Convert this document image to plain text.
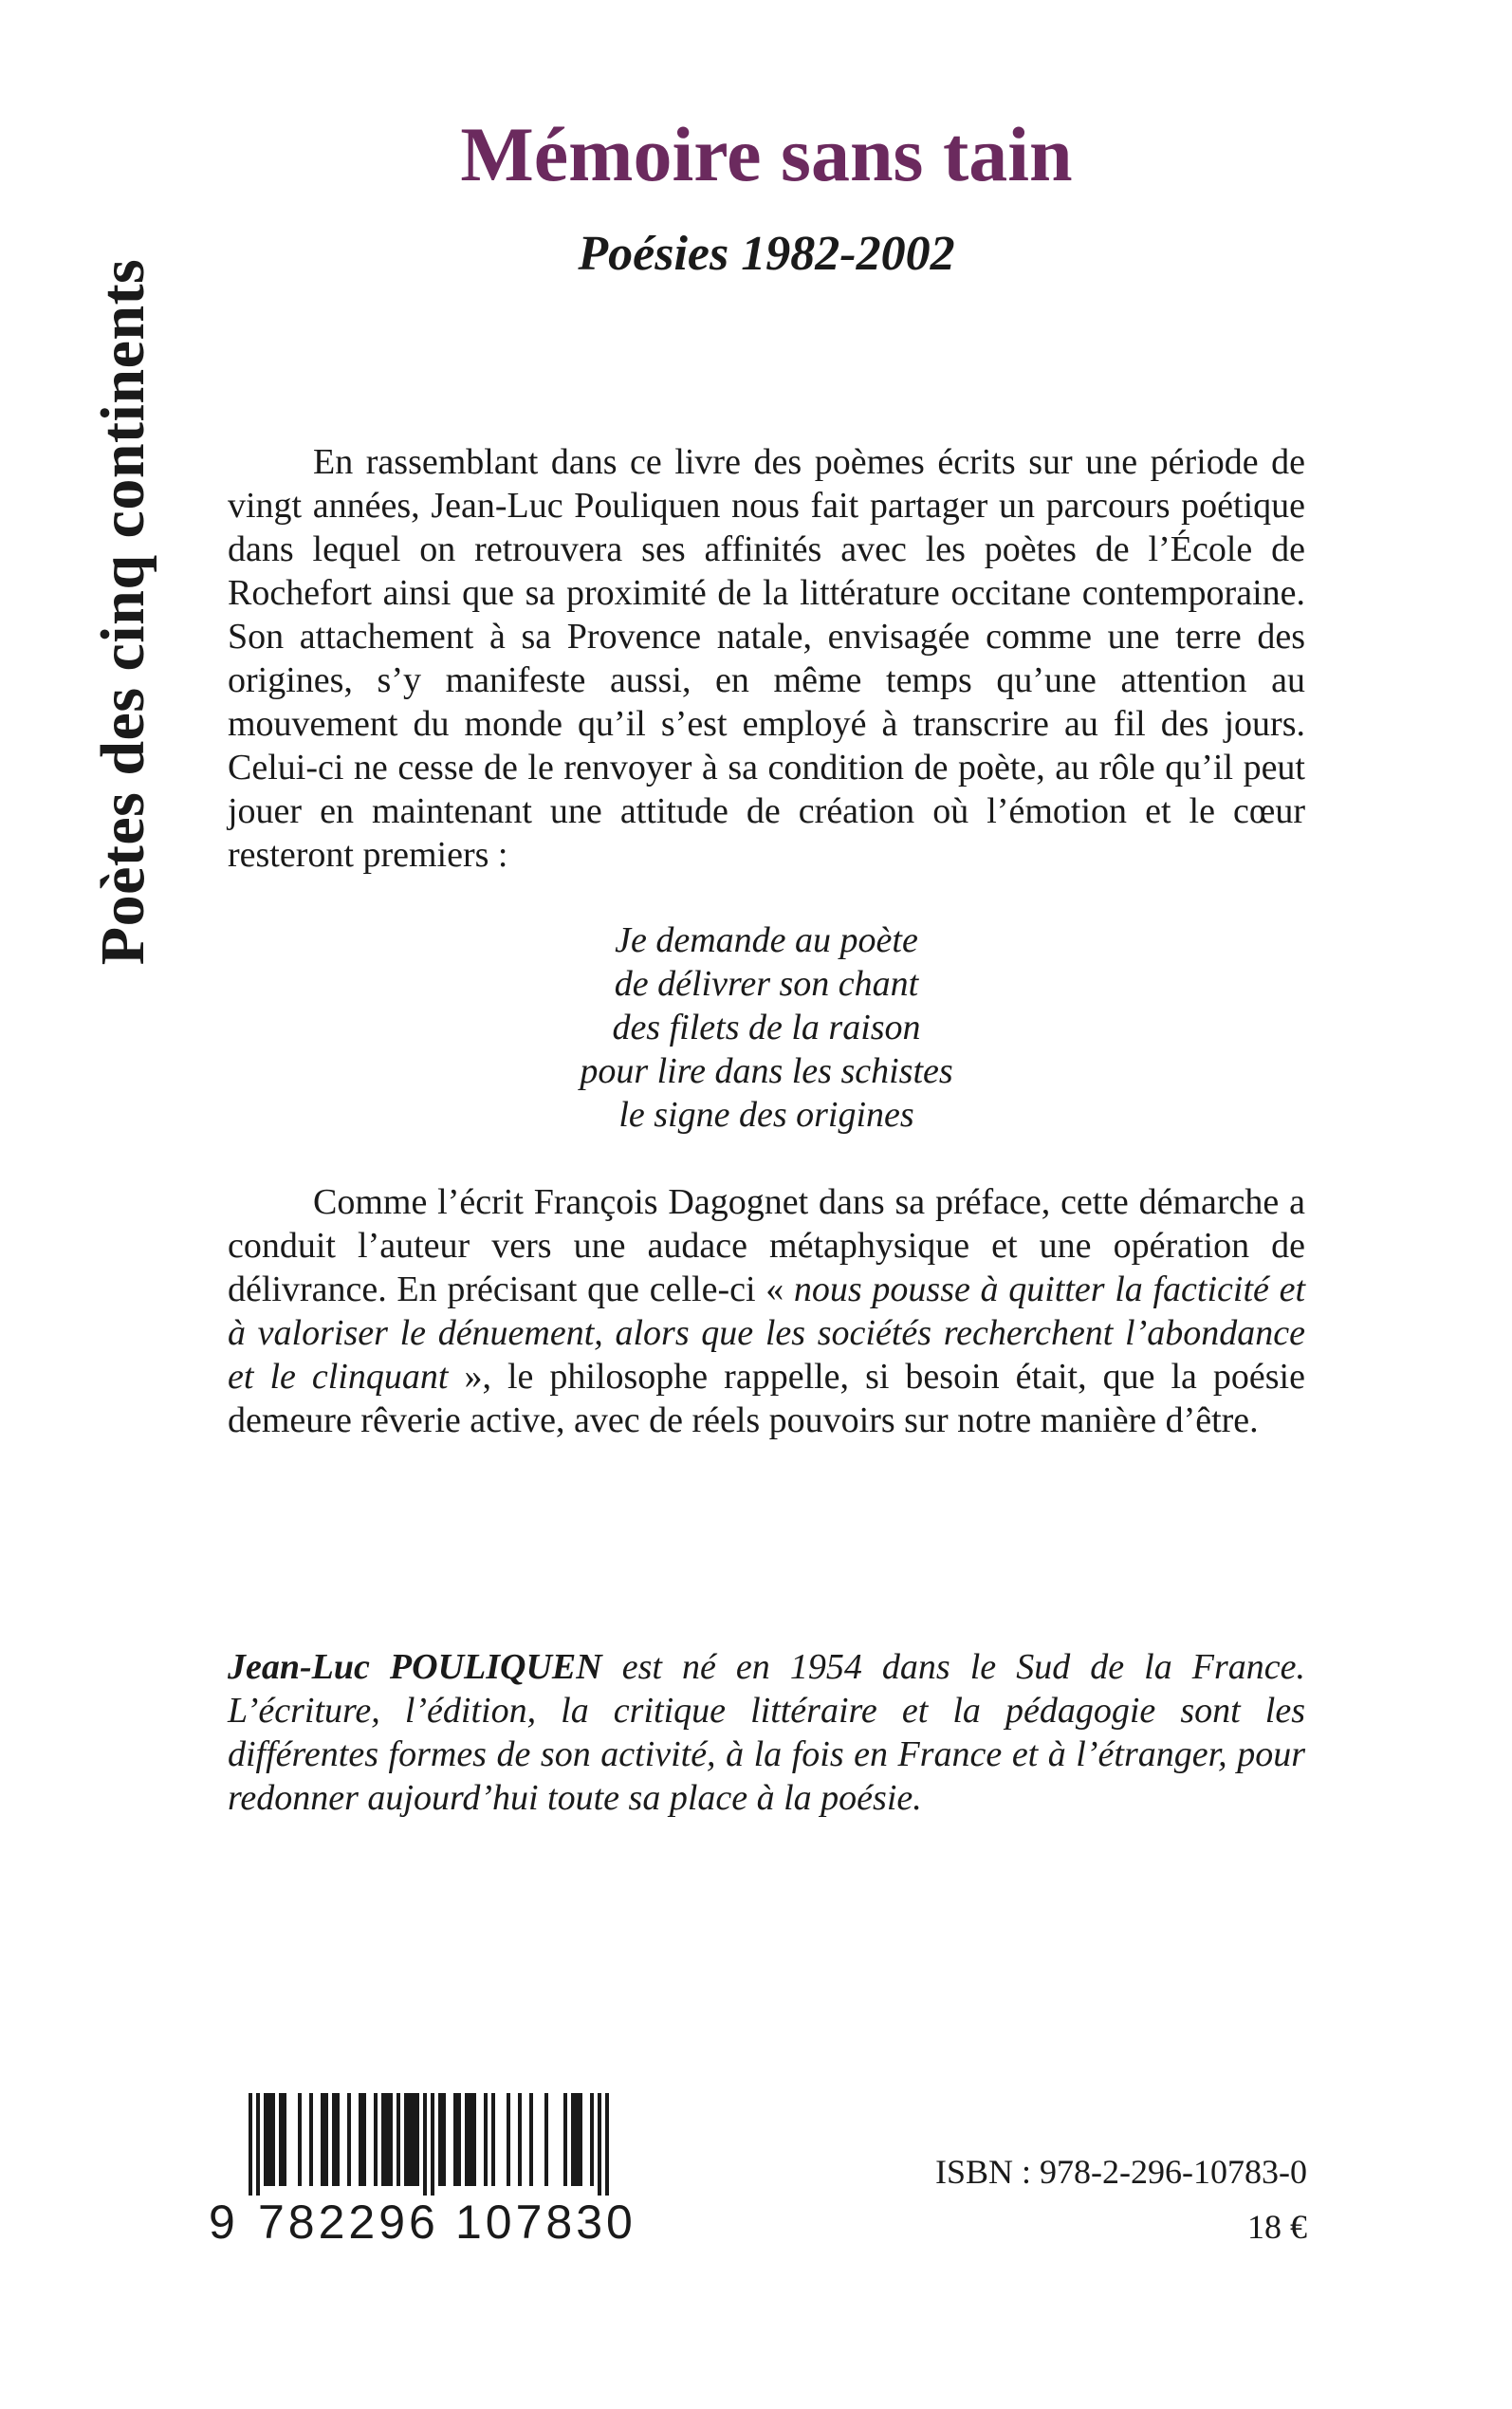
Poètes des cinq continents
Mémoire sans tain
Poésies 1982-2002

En rassemblant dans ce livre des poèmes écrits sur une période de vingt années, Jean-Luc Pouliquen nous fait partager un parcours poétique dans lequel on retrouvera ses affinités avec les poètes de l’École de Rochefort ainsi que sa proximité de la littérature occitane contemporaine. Son attachement à sa Provence natale, envisagée comme une terre des origines, s’y manifeste aussi, en même temps qu’une attention au mouvement du monde qu’il s’est employé à transcrire au fil des jours. Celui-ci ne cesse de le renvoyer à sa condition de poète, au rôle qu’il peut jouer en maintenant une attitude de création où l’émotion et le cœur resteront premiers :

Je demande au poète
de délivrer son chant
des filets de la raison
pour lire dans les schistes
le signe des origines

Comme l’écrit François Dagognet dans sa préface, cette démarche a conduit l’auteur vers une audace métaphysique et une opération de délivrance. En précisant que celle-ci « nous pousse à quitter la facticité et à valoriser le dénuement, alors que les sociétés recherchent l’abondance et le clinquant », le philosophe rappelle, si besoin était, que la poésie demeure rêverie active, avec de réels pouvoirs sur notre manière d’être.

Jean-Luc POULIQUEN est né en 1954 dans le Sud de la France. L’écriture, l’édition, la critique littéraire et la pédagogie sont les différentes formes de son activité, à la fois en France et à l’étranger, pour redonner aujourd’hui toute sa place à la poésie.

9 782296 107830
ISBN : 978-2-296-10783-0
18 €
